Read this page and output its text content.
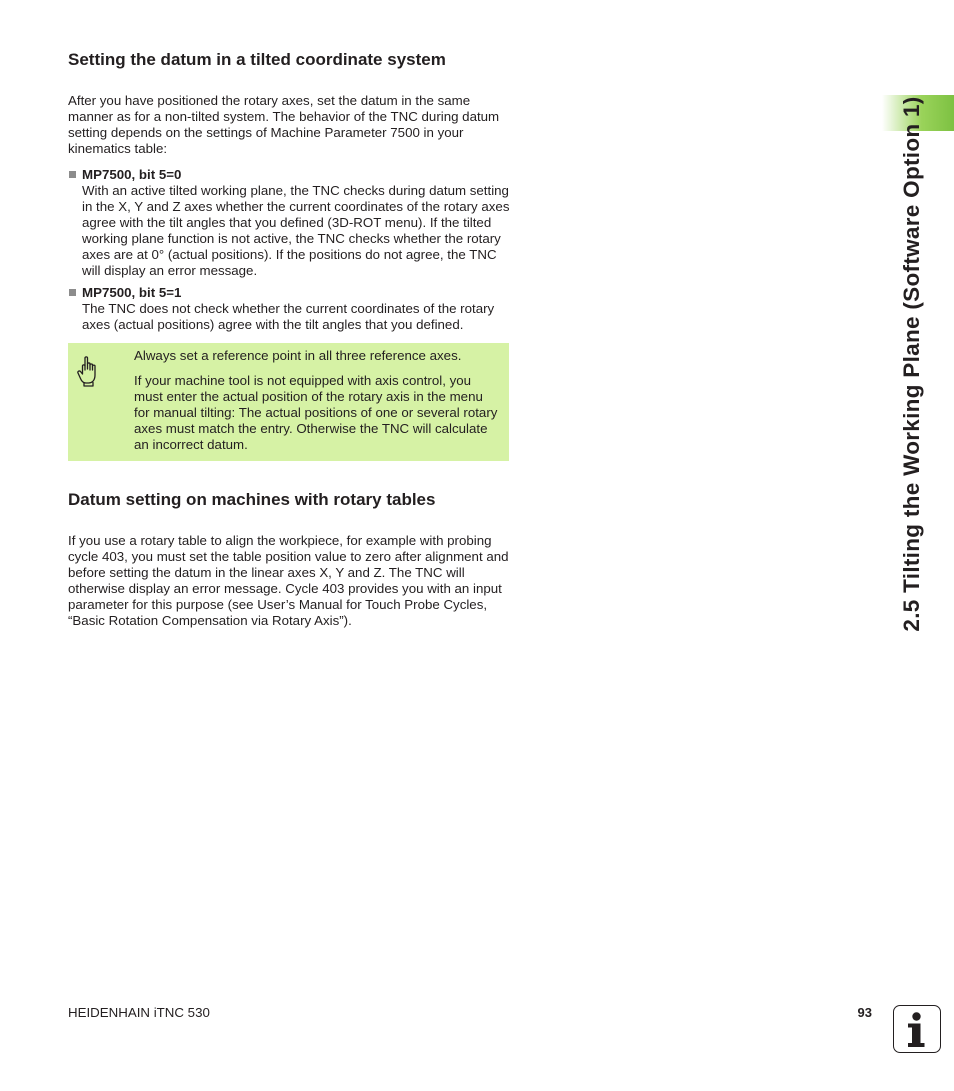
Setting the datum in a tilted coordinate system

After you have positioned the rotary axes, set the datum in the same manner as for a non-tilted system. The behavior of the TNC during datum setting depends on the settings of Machine Parameter 7500 in your kinematics table:

MP7500, bit 5=0
With an active tilted working plane, the TNC checks during datum setting in the X, Y and Z axes whether the current coordinates of the rotary axes agree with the tilt angles that you defined (3D-ROT menu). If the tilted working plane function is not active, the TNC checks whether the rotary axes are at 0° (actual positions). If the positions do not agree, the TNC will display an error message.
MP7500, bit 5=1
The TNC does not check whether the current coordinates of the rotary axes (actual positions) agree with the tilt angles that you defined.

Always set a reference point in all three reference axes.

If your machine tool is not equipped with axis control, you must enter the actual position of the rotary axis in the menu for manual tilting: The actual positions of one or several rotary axes must match the entry. Otherwise the TNC will calculate an incorrect datum.

Datum setting on machines with rotary tables

If you use a rotary table to align the workpiece, for example with probing cycle 403, you must set the table position value to zero after alignment and before setting the datum in the linear axes X, Y and Z. The TNC will otherwise display an error message. Cycle 403 provides you with an input parameter for this purpose (see User’s Manual for Touch Probe Cycles, “Basic Rotation Compensation via Rotary Axis”).	2.5 Tilting the Working Plane (Software Option 1)
HEIDENHAIN iTNC 530	93
